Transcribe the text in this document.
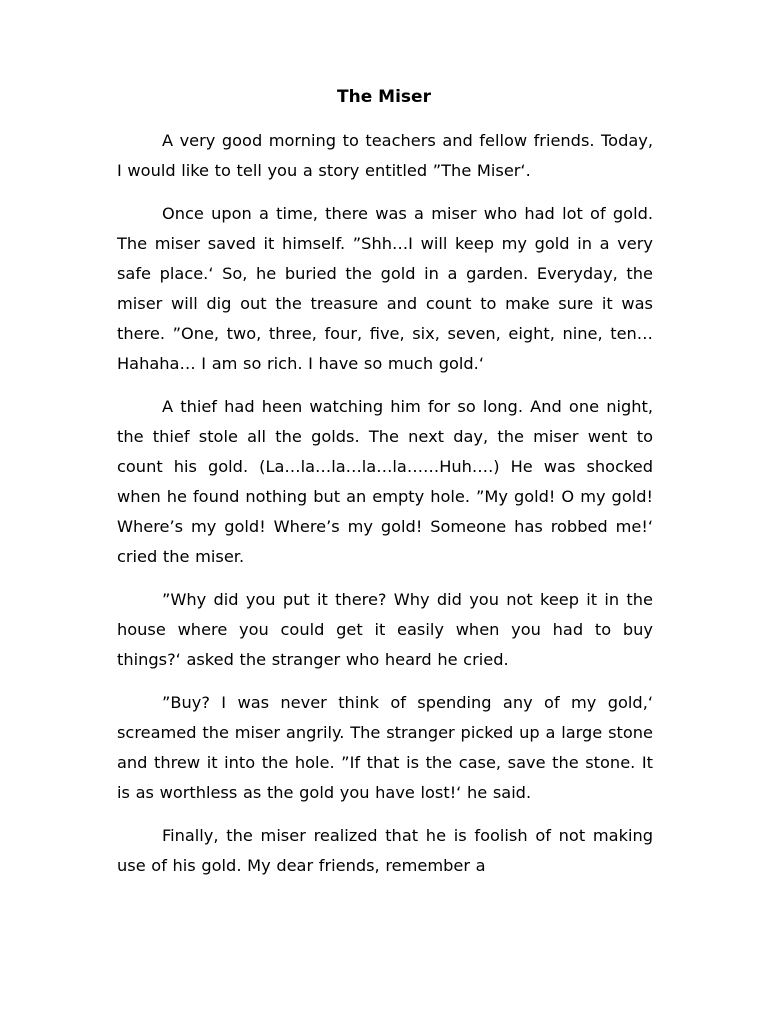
The Miser

A very good morning to teachers and fellow friends. Today, I would like to tell you a story entitled ”The Miser‘.

Once upon a time, there was a miser who had lot of gold. The miser saved it himself. ”Shh…I will keep my gold in a very safe place.‘ So, he buried the gold in a garden. Everyday, the miser will dig out the treasure and count to make sure it was there. ”One, two, three, four, five, six, seven, eight, nine, ten…Hahaha… I am so rich. I have so much gold.‘

A thief had heen watching him for so long. And one night, the thief stole all the golds. The next day, the miser went to count his gold. (La…la…la…la…la……Huh….) He was shocked when he found nothing but an empty hole. ”My gold! O my gold! Where’s my gold! Where’s my gold! Someone has robbed me!‘ cried the miser.

”Why did you put it there? Why did you not keep it in the house where you could get it easily when you had to buy things?‘ asked the stranger who heard he cried.

”Buy? I was never think of spending any of my gold,‘ screamed the miser angrily. The stranger picked up a large stone and threw it into the hole. ”If that is the case, save the stone. It is as worthless as the gold you have lost!‘ he said.

Finally, the miser realized that he is foolish of not making use of his gold. My dear friends, remember a
